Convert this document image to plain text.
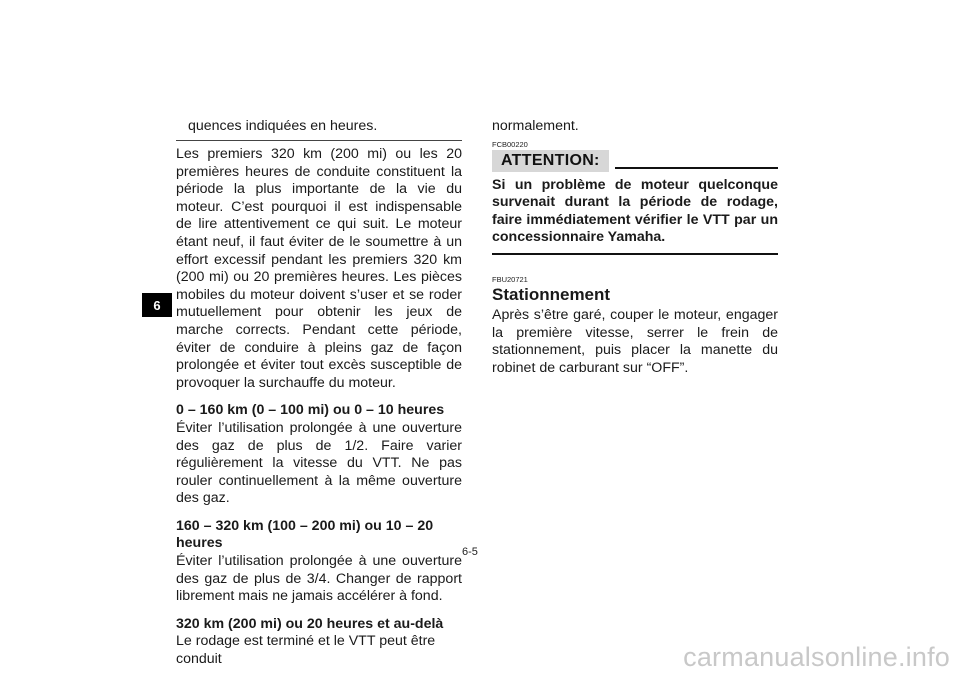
6

quences indiquées en heures.

Les premiers 320 km (200 mi) ou les 20 premières heures de conduite constituent la période la plus importante de la vie du moteur. C’est pourquoi il est indispensable de lire attentivement ce qui suit. Le moteur étant neuf, il faut éviter de le soumettre à un effort excessif pendant les premiers 320 km (200 mi) ou 20 premières heures. Les pièces mobiles du moteur doivent s’user et se roder mutuellement pour obtenir les jeux de marche corrects. Pendant cette période, éviter de conduire à pleins gaz de façon prolongée et éviter tout excès susceptible de provoquer la surchauffe du moteur.

0 – 160 km (0 – 100 mi) ou 0 – 10 heures

Éviter l’utilisation prolongée à une ouverture des gaz de plus de 1/2. Faire varier régulièrement la vitesse du VTT. Ne pas rouler continuellement à la même ouverture des gaz.

160 – 320 km (100 – 200 mi) ou 10 – 20 heures

Éviter l’utilisation prolongée à une ouverture des gaz de plus de 3/4. Changer de rapport librement mais ne jamais accélérer à fond.

320 km (200 mi) ou 20 heures et au-delà

Le rodage est terminé et le VTT peut être conduit

normalement.

FCB00220

ATTENTION:

Si un problème de moteur quelconque survenait durant la période de rodage, faire immédiatement vérifier le VTT par un concessionnaire Yamaha.

FBU20721

Stationnement

Après s’être garé, couper le moteur, engager la première vitesse, serrer le frein de stationnement, puis placer la manette du robinet de carburant sur “OFF”.

6-5
carmanualsonline.info
